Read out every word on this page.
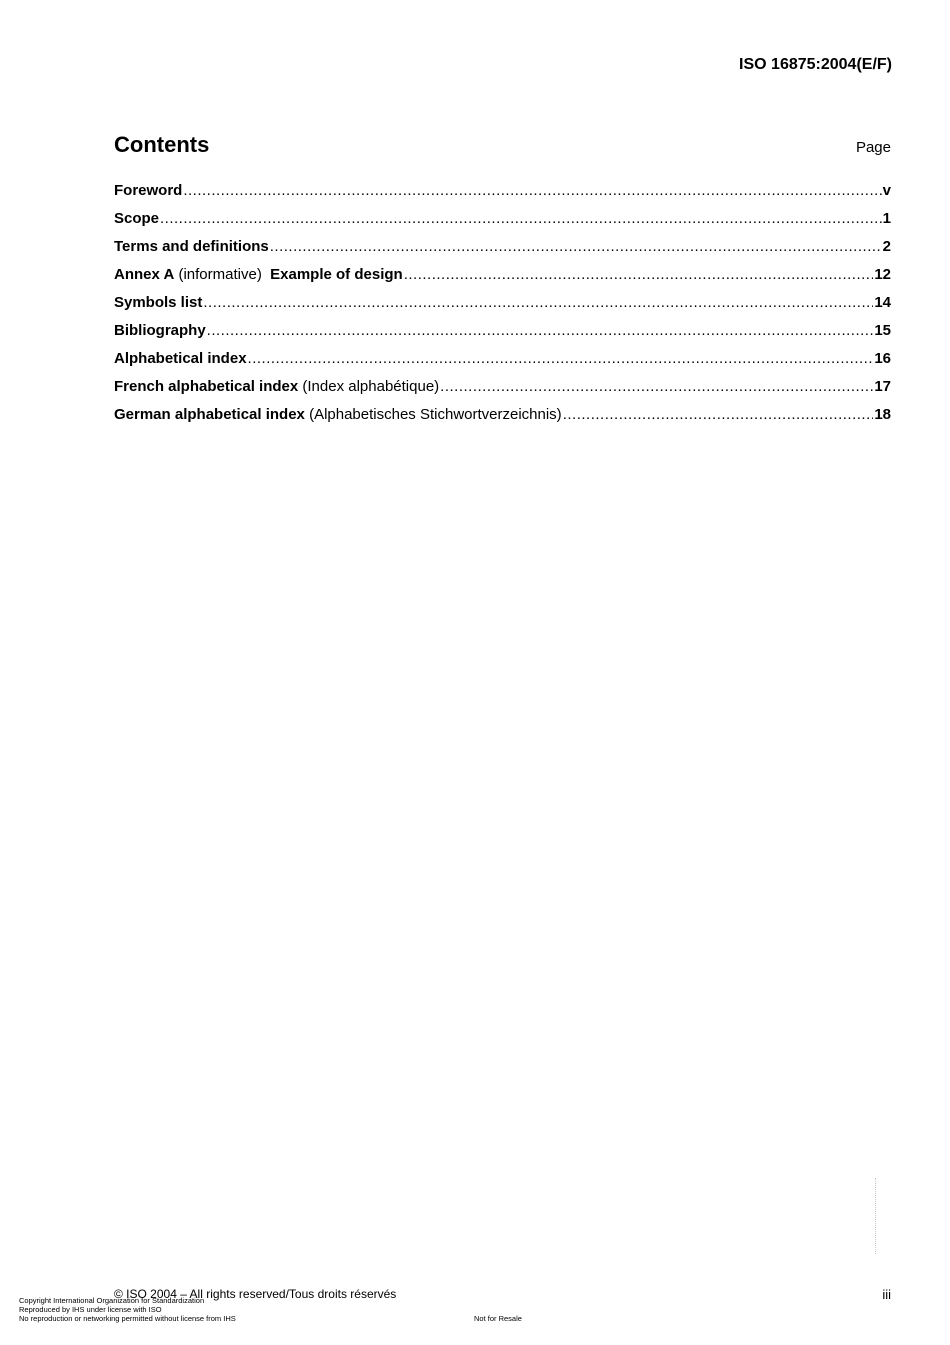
ISO 16875:2004(E/F)
Contents	Page
Foreword .....	v
Scope .....	1
Terms and definitions .....	2
Annex A (informative) Example of design .....	12
Symbols list .....	14
Bibliography .....	15
Alphabetical index .....	16
French alphabetical index (Index alphabétique) .....	17
German alphabetical index (Alphabetisches Stichwortverzeichnis) .....	18
© ISO 2004 – All rights reserved/Tous droits réservés	iii
Copyright International Organization for Standardization
Reproduced by IHS under license with ISO
No reproduction or networking permitted without license from IHS	Not for Resale
